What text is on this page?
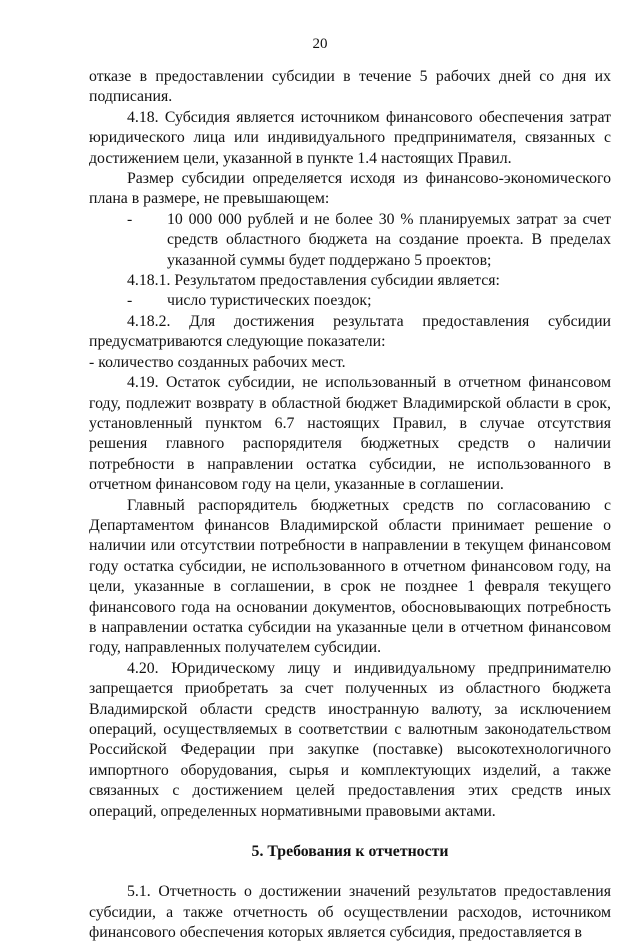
20

отказе в предоставлении субсидии в течение 5 рабочих дней со дня их подписания.

4.18. Субсидия является источником финансового обеспечения затрат юридического лица или индивидуального предпринимателя, связанных с достижением цели, указанной в пункте 1.4 настоящих Правил.

Размер субсидии определяется исходя из финансово-экономического плана в размере, не превышающем:

-	10 000 000 рублей и не более 30 % планируемых затрат за счет средств областного бюджета на создание проекта. В пределах указанной суммы будет поддержано 5 проектов;

4.18.1. Результатом предоставления субсидии является:

-	число туристических поездок;

4.18.2. Для достижения результата предоставления субсидии предусматриваются следующие показатели:

- количество созданных рабочих мест.

4.19. Остаток субсидии, не использованный в отчетном финансовом году, подлежит возврату в областной бюджет Владимирской области в срок, установленный пунктом 6.7 настоящих Правил, в случае отсутствия решения главного распорядителя бюджетных средств о наличии потребности в направлении остатка субсидии, не использованного в отчетном финансовом году на цели, указанные в соглашении.

Главный распорядитель бюджетных средств по согласованию с Департаментом финансов Владимирской области принимает решение о наличии или отсутствии потребности в направлении в текущем финансовом году остатка субсидии, не использованного в отчетном финансовом году, на цели, указанные в соглашении, в срок не позднее 1 февраля текущего финансового года на основании документов, обосновывающих потребность в направлении остатка субсидии на указанные цели в отчетном финансовом году, направленных получателем субсидии.

4.20. Юридическому лицу и индивидуальному предпринимателю запрещается приобретать за счет полученных из областного бюджета Владимирской области средств иностранную валюту, за исключением операций, осуществляемых в соответствии с валютным законодательством Российской Федерации при закупке (поставке) высокотехнологичного импортного оборудования, сырья и комплектующих изделий, а также связанных с достижением целей предоставления этих средств иных операций, определенных нормативными правовыми актами.

5. Требования к отчетности

5.1. Отчетность о достижении значений результатов предоставления субсидии, а также отчетность об осуществлении расходов, источником финансового обеспечения которых является субсидия, предоставляется в
